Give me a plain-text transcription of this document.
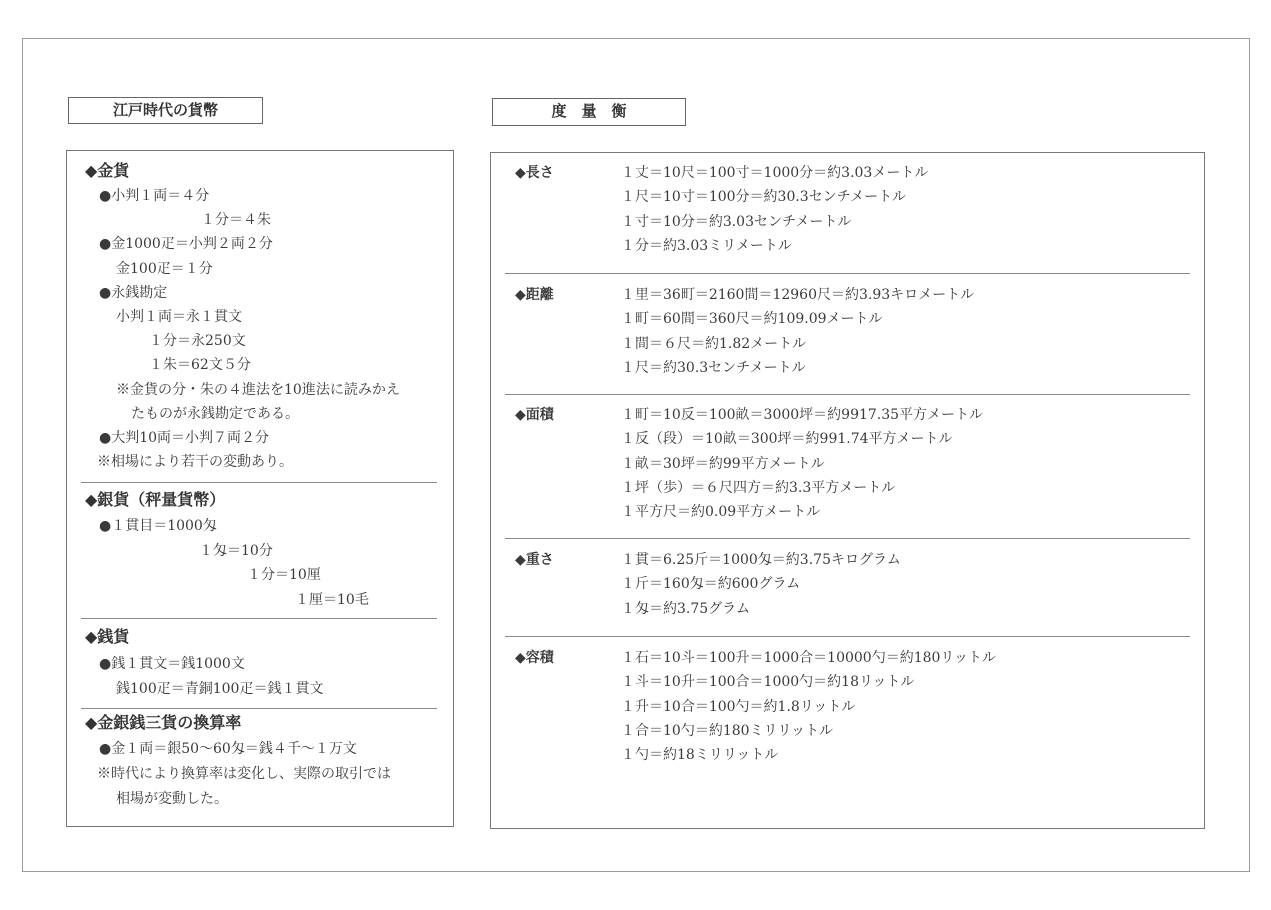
江戸時代の貨幣
◆金貨
●小判１両＝４分
１分＝４朱
●金1000疋＝小判２両２分
金100疋＝１分
●永銭勘定
小判１両＝永１貫文
１分＝永250文
１朱＝62文５分
※金貨の分・朱の４進法を10進法に読みかえ
たものが永銭勘定である。
●大判10両＝小判７両２分
※相場により若干の変動あり。
◆銀貨（秤量貨幣）
●１貫目＝1000匁
１匁＝10分
１分＝10厘
１厘＝10毛
◆銭貨
●銭１貫文＝銭1000文
銭100疋＝青銅100疋＝銭１貫文
◆金銀銭三貨の換算率
●金１両＝銀50～60匁＝銭４千～１万文
※時代により換算率は変化し、実際の取引では
相場が変動した。
度　量　衡
◆長さ	１丈＝10尺＝100寸＝1000分＝約3.03メートル
１尺＝10寸＝100分＝約30.3センチメートル
１寸＝10分＝約3.03センチメートル
１分＝約3.03ミリメートル
◆距離	１里＝36町＝2160間＝12960尺＝約3.93キロメートル
１町＝60間＝360尺＝約109.09メートル
１間＝６尺＝約1.82メートル
１尺＝約30.3センチメートル
◆面積	１町＝10反＝100畝＝3000坪＝約9917.35平方メートル
１反（段）＝10畝＝300坪＝約991.74平方メートル
１畝＝30坪＝約99平方メートル
１坪（歩）＝６尺四方＝約3.3平方メートル
１平方尺＝約0.09平方メートル
◆重さ	１貫＝6.25斤＝1000匁＝約3.75キログラム
１斤＝160匁＝約600グラム
１匁＝約3.75グラム
◆容積	１石＝10斗＝100升＝1000合＝10000勺＝約180リットル
１斗＝10升＝100合＝1000勺＝約18リットル
１升＝10合＝100勺＝約1.8リットル
１合＝10勺＝約180ミリリットル
１勺＝約18ミリリットル
